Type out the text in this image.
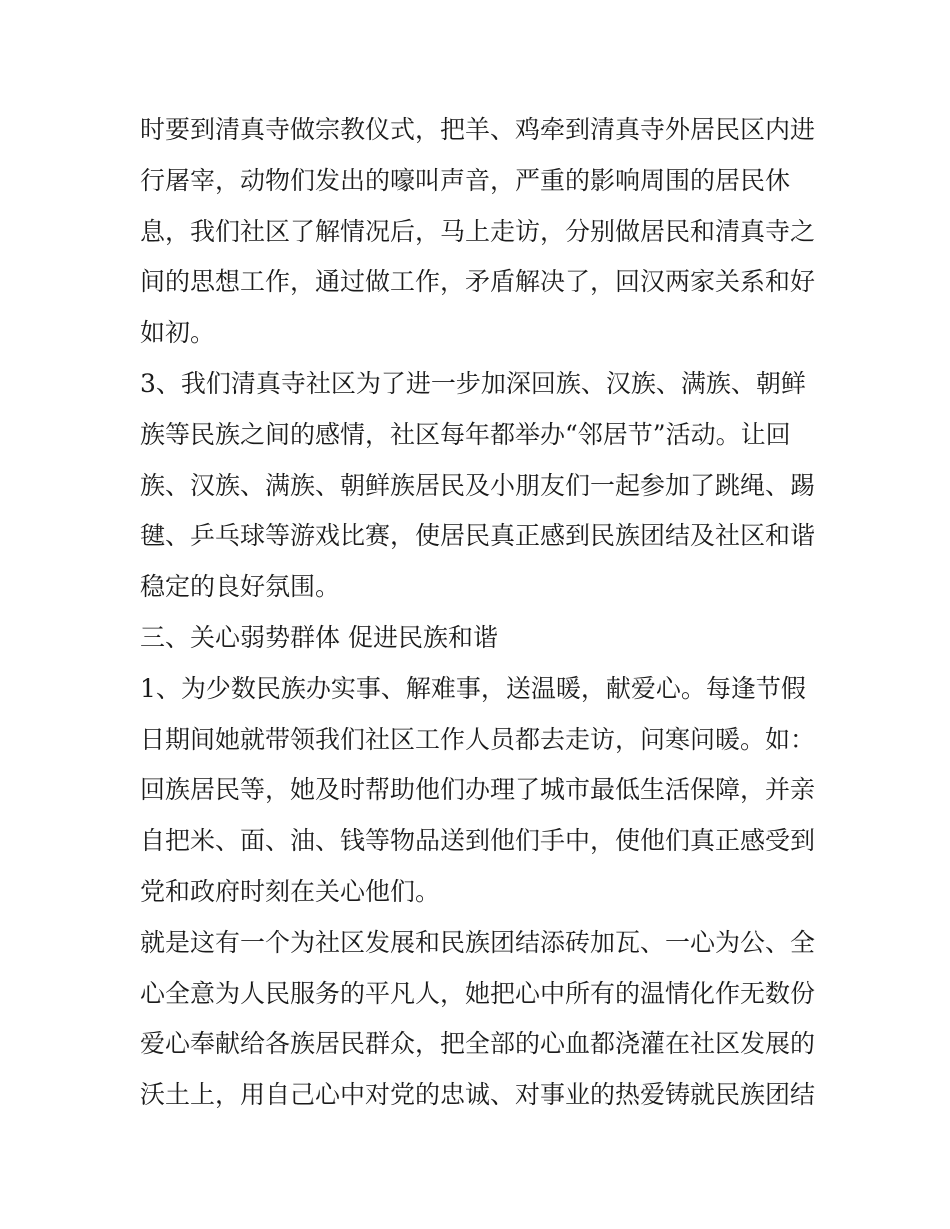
时要到清真寺做宗教仪式，把羊、鸡牵到清真寺外居民区内进
行屠宰，动物们发出的嚎叫声音，严重的影响周围的居民休
息，我们社区了解情况后，马上走访，分别做居民和清真寺之
间的思想工作，通过做工作，矛盾解决了，回汉两家关系和好
如初。
3、我们清真寺社区为了进一步加深回族、汉族、满族、朝鲜
族等民族之间的感情，社区每年都举办“邻居节”活动。让回
族、汉族、满族、朝鲜族居民及小朋友们一起参加了跳绳、踢
毽、乒乓球等游戏比赛，使居民真正感到民族团结及社区和谐
稳定的良好氛围。
三、关心弱势群体 促进民族和谐
1、为少数民族办实事、解难事，送温暖，献爱心。每逢节假
日期间她就带领我们社区工作人员都去走访，问寒问暖。如：
回族居民等，她及时帮助他们办理了城市最低生活保障，并亲
自把米、面、油、钱等物品送到他们手中，使他们真正感受到
党和政府时刻在关心他们。
就是这有一个为社区发展和民族团结添砖加瓦、一心为公、全
心全意为人民服务的平凡人，她把心中所有的温情化作无数份
爱心奉献给各族居民群众，把全部的心血都浇灌在社区发展的
沃土上，用自己心中对党的忠诚、对事业的热爱铸就民族团结
